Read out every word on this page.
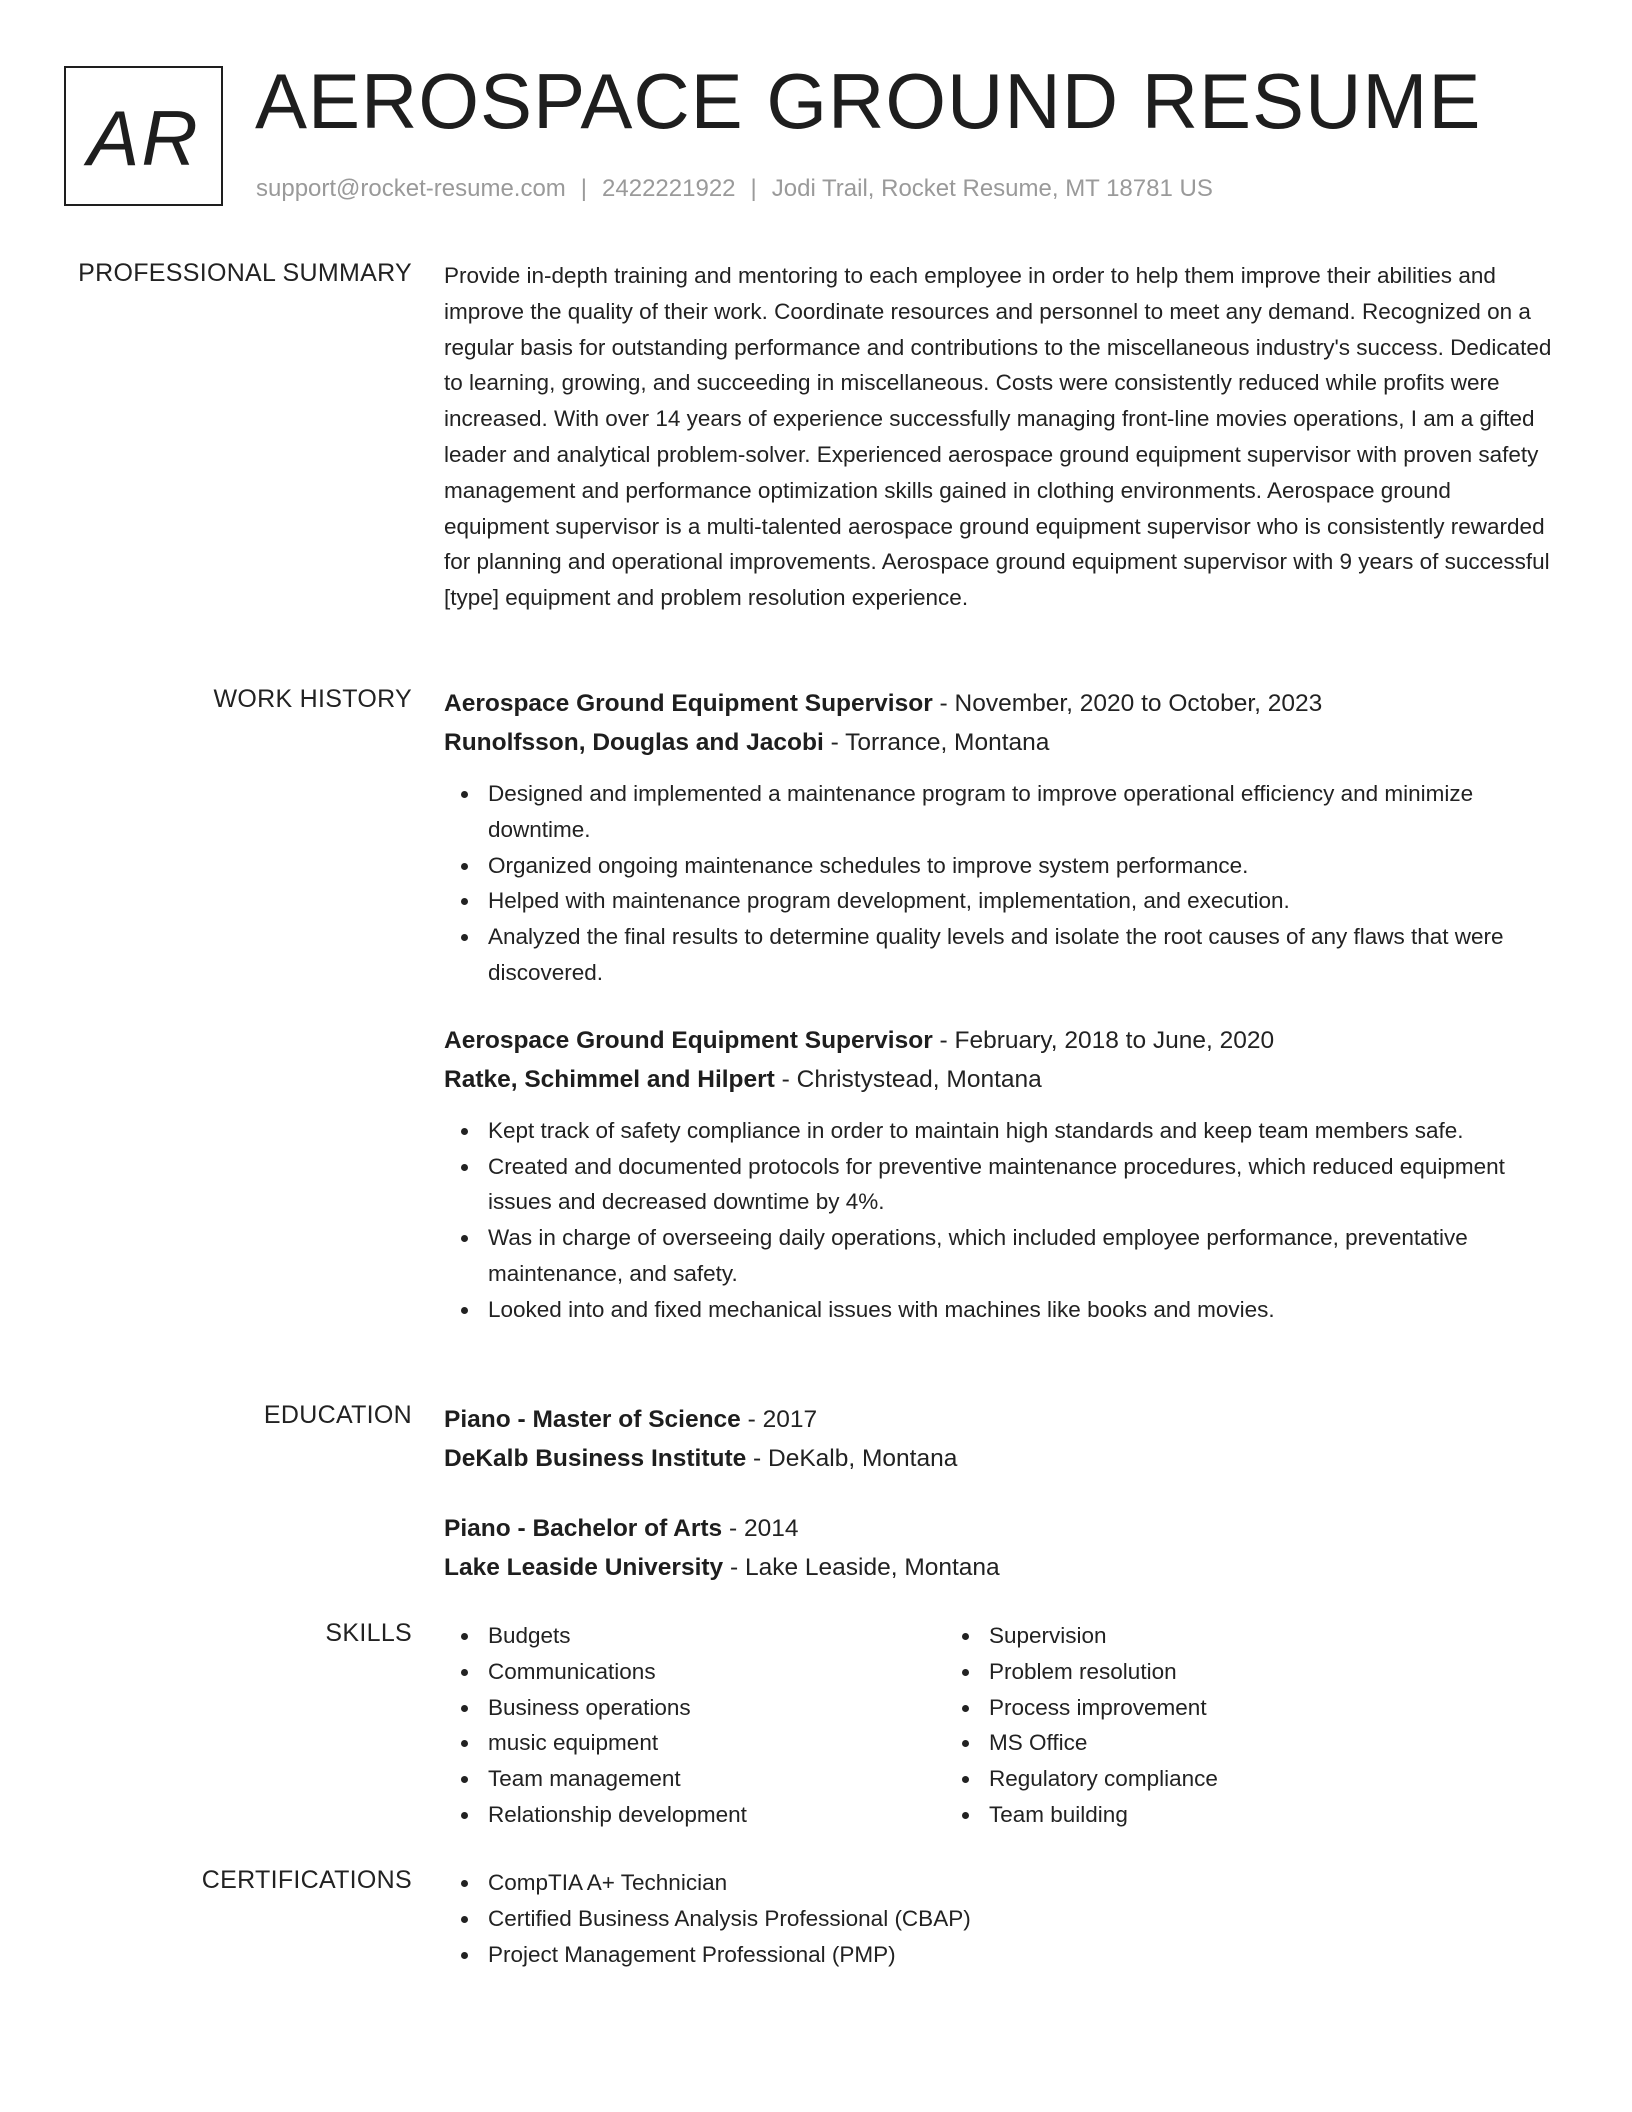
AR AEROSPACE GROUND RESUME
support@rocket-resume.com | 2422221922 | Jodi Trail, Rocket Resume, MT 18781 US
PROFESSIONAL SUMMARY Provide in-depth training and mentoring to each employee in order to help them improve their abilities and improve the quality of their work. Coordinate resources and personnel to meet any demand. Recognized on a regular basis for outstanding performance and contributions to the miscellaneous industry's success. Dedicated to learning, growing, and succeeding in miscellaneous. Costs were consistently reduced while profits were increased. With over 14 years of experience successfully managing front-line movies operations, I am a gifted leader and analytical problem-solver. Experienced aerospace ground equipment supervisor with proven safety management and performance optimization skills gained in clothing environments. Aerospace ground equipment supervisor is a multi-talented aerospace ground equipment supervisor who is consistently rewarded for planning and operational improvements. Aerospace ground equipment supervisor with 9 years of successful [type] equipment and problem resolution experience.

WORK HISTORY Aerospace Ground Equipment Supervisor - November, 2020 to October, 2023
Runolfsson, Douglas and Jacobi - Torrance, Montana
Designed and implemented a maintenance program to improve operational efficiency and minimize downtime.
Organized ongoing maintenance schedules to improve system performance.
Helped with maintenance program development, implementation, and execution.
Analyzed the final results to determine quality levels and isolate the root causes of any flaws that were discovered.
Aerospace Ground Equipment Supervisor - February, 2018 to June, 2020
Ratke, Schimmel and Hilpert - Christystead, Montana
Kept track of safety compliance in order to maintain high standards and keep team members safe.
Created and documented protocols for preventive maintenance procedures, which reduced equipment issues and decreased downtime by 4%.
Was in charge of overseeing daily operations, which included employee performance, preventative maintenance, and safety.
Looked into and fixed mechanical issues with machines like books and movies.
EDUCATION Piano - Master of Science - 2017
DeKalb Business Institute - DeKalb, Montana
Piano - Bachelor of Arts - 2014
Lake Leaside University - Lake Leaside, Montana
SKILLS	Budgets
Communications
Business operations
music equipment
Team management
Relationship development
Supervision
Problem resolution
Process improvement
MS Office
Regulatory compliance
Team building
CERTIFICATIONS	CompTIA A+ Technician
Certified Business Analysis Professional (CBAP)
Project Management Professional (PMP)
